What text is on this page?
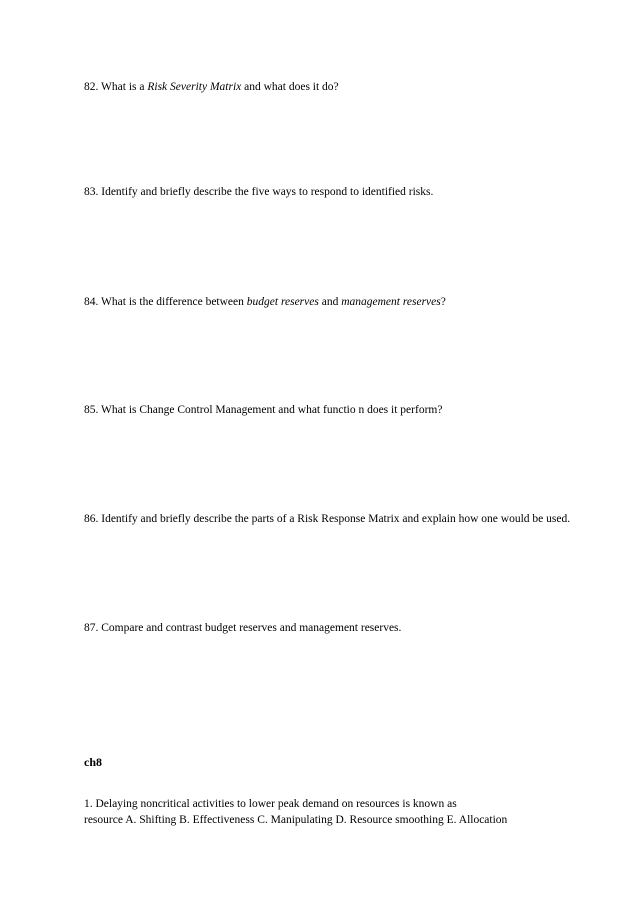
82. What is a Risk Severity Matrix and what does it do?
83. Identify and briefly describe the five ways to respond to identified risks.
84. What is the difference between budget reserves and management reserves?
85. What is Change Control Management and what functio n does it perform?
86. Identify and briefly describe the parts of a Risk Response Matrix and explain how one would be used.
87. Compare and contrast budget reserves and management reserves.
ch8
1. Delaying noncritical activities to lower peak demand on resources is known as
resource A. Shifting B. Effectiveness C. Manipulating D. Resource smoothing E. Allocation
